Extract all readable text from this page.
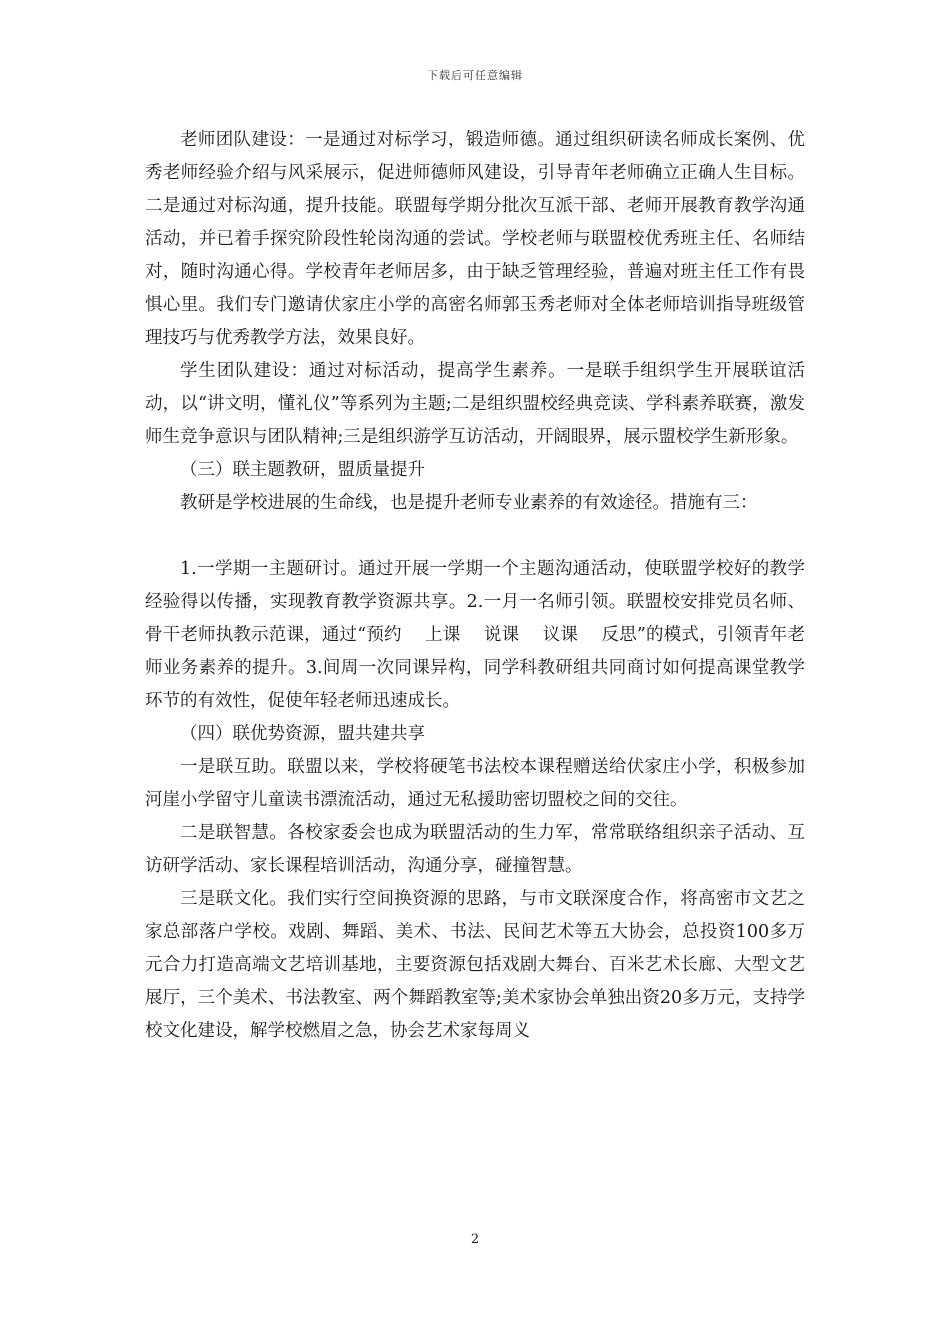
下载后可任意编辑

老师团队建设：一是通过对标学习，锻造师德。通过组织研读名师成长案例、优秀老师经验介绍与风采展示，促进师德师风建设，引导青年老师确立正确人生目标。二是通过对标沟通，提升技能。联盟每学期分批次互派干部、老师开展教育教学沟通活动，并已着手探究阶段性轮岗沟通的尝试。学校老师与联盟校优秀班主任、名师结对，随时沟通心得。学校青年老师居多，由于缺乏管理经验，普遍对班主任工作有畏惧心里。我们专门邀请伏家庄小学的高密名师郭玉秀老师对全体老师培训指导班级管理技巧与优秀教学方法，效果良好。

学生团队建设：通过对标活动，提高学生素养。一是联手组织学生开展联谊活动，以“讲文明，懂礼仪”等系列为主题;二是组织盟校经典竞读、学科素养联赛，激发师生竞争意识与团队精神;三是组织游学互访活动，开阔眼界，展示盟校学生新形象。

（三）联主题教研，盟质量提升

教研是学校进展的生命线，也是提升老师专业素养的有效途径。措施有三：

1.一学期一主题研讨。通过开展一学期一个主题沟通活动，使联盟学校好的教学经验得以传播，实现教育教学资源共享。2.一月一名师引领。联盟校安排党员名师、骨干老师执教示范课，通过“预约　 上课　 说课　 议课　 反思”的模式，引领青年老师业务素养的提升。3.间周一次同课异构，同学科教研组共同商讨如何提高课堂教学环节的有效性，促使年轻老师迅速成长。

（四）联优势资源，盟共建共享

一是联互助。联盟以来，学校将硬笔书法校本课程赠送给伏家庄小学，积极参加河崖小学留守儿童读书漂流活动，通过无私援助密切盟校之间的交往。

二是联智慧。各校家委会也成为联盟活动的生力军，常常联络组织亲子活动、互访研学活动、家长课程培训活动，沟通分享，碰撞智慧。

三是联文化。我们实行空间换资源的思路，与市文联深度合作，将高密市文艺之家总部落户学校。戏剧、舞蹈、美术、书法、民间艺术等五大协会，总投资100多万元合力打造高端文艺培训基地，主要资源包括戏剧大舞台、百米艺术长廊、大型文艺展厅，三个美术、书法教室、两个舞蹈教室等;美术家协会单独出资20多万元，支持学校文化建设，解学校燃眉之急，协会艺术家每周义

2
